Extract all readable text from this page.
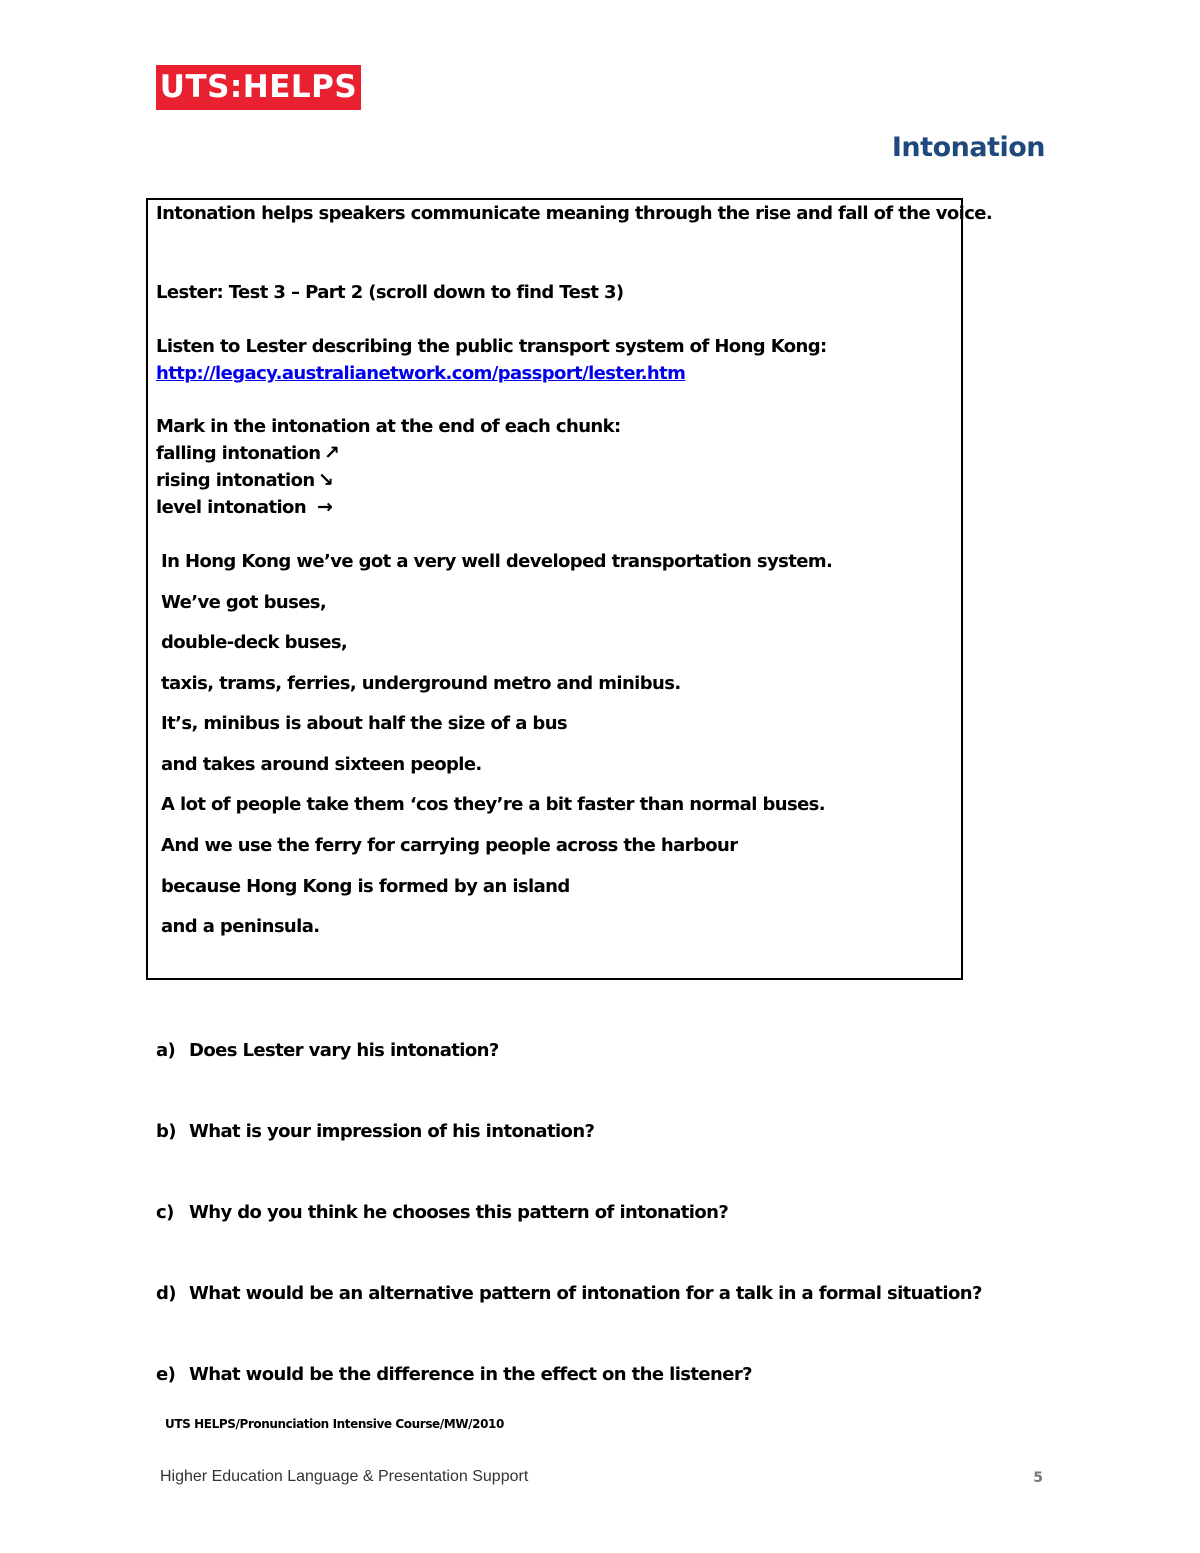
UTS:HELPS
Intonation
Intonation helps speakers communicate meaning through the rise and fall of the voice.
Lester: Test 3 – Part 2 (scroll down to find Test 3)
Listen to Lester describing the public transport system of Hong Kong:
http://legacy.australianetwork.com/passport/lester.htm
Mark in the intonation at the end of each chunk:
falling intonation ↗
rising intonation ↘
level intonation →
In Hong Kong we’ve got a very well developed transportation system.
We’ve got buses,
double-deck buses,
taxis, trams, ferries, underground metro and minibus.
It’s, minibus is about half the size of a bus
and takes around sixteen people.
A lot of people take them ‘cos they’re a bit faster than normal buses.
And we use the ferry for carrying people across the harbour
because Hong Kong is formed by an island
and a peninsula.
a) Does Lester vary his intonation?
b) What is your impression of his intonation?
c) Why do you think he chooses this pattern of intonation?
d) What would be an alternative pattern of intonation for a talk in a formal situation?
e) What would be the difference in the effect on the listener?
UTS HELPS/Pronunciation Intensive Course/MW/2010
Higher Education Language & Presentation Support	5
